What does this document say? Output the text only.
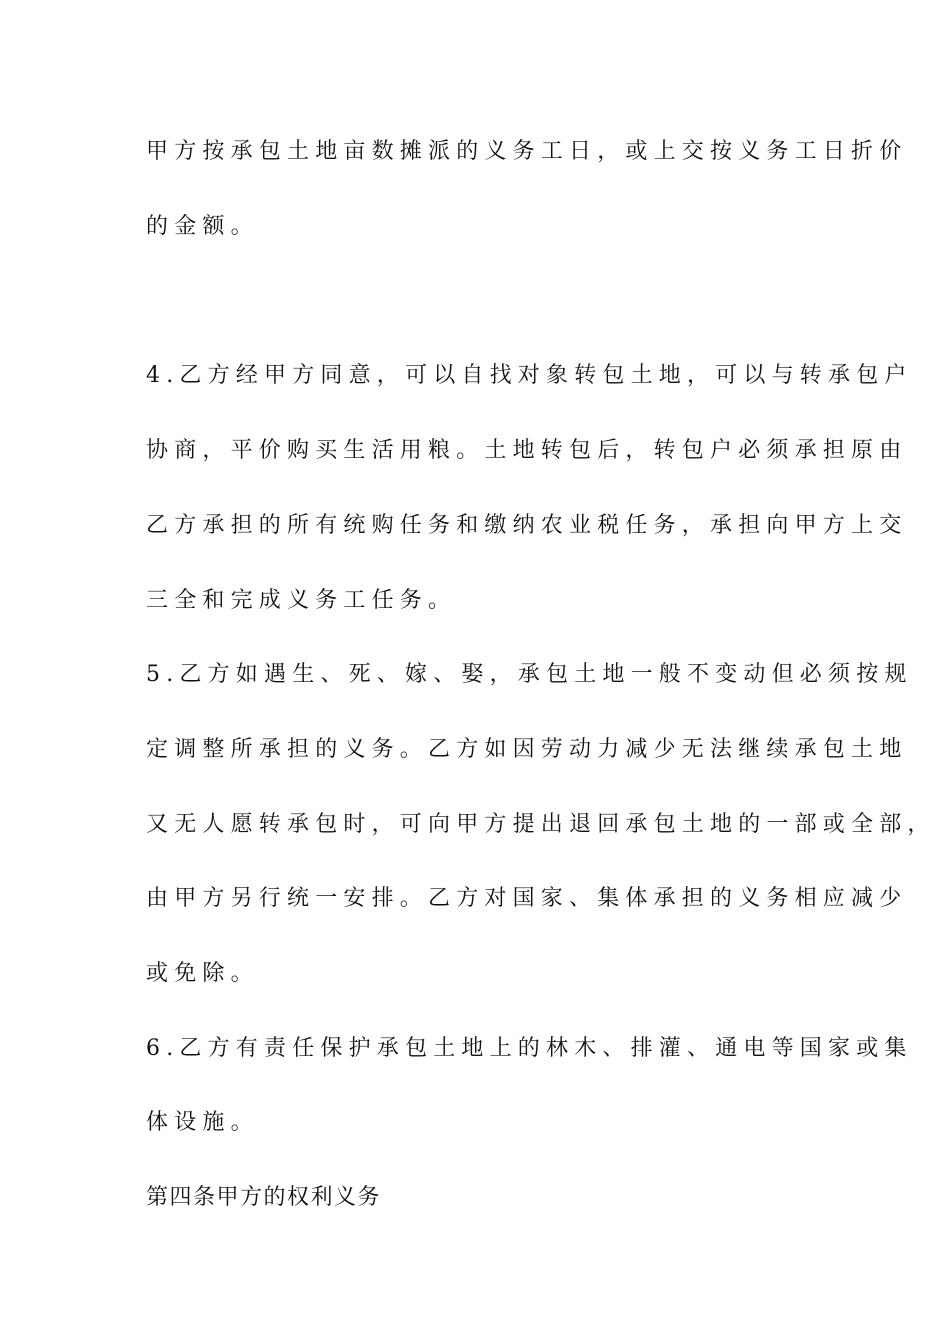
甲方按承包土地亩数摊派的义务工日，或上交按义务工日折价
的金额。
4.乙方经甲方同意，可以自找对象转包土地，可以与转承包户
协商，平价购买生活用粮。土地转包后，转包户必须承担原由
乙方承担的所有统购任务和缴纳农业税任务，承担向甲方上交
三全和完成义务工任务。
5.乙方如遇生、死、嫁、娶，承包土地一般不变动但必须按规
定调整所承担的义务。乙方如因劳动力减少无法继续承包土地
又无人愿转承包时，可向甲方提出退回承包土地的一部或全部，
由甲方另行统一安排。乙方对国家、集体承担的义务相应减少
或免除。
6.乙方有责任保护承包土地上的林木、排灌、通电等国家或集
体设施。
第四条甲方的权利义务
